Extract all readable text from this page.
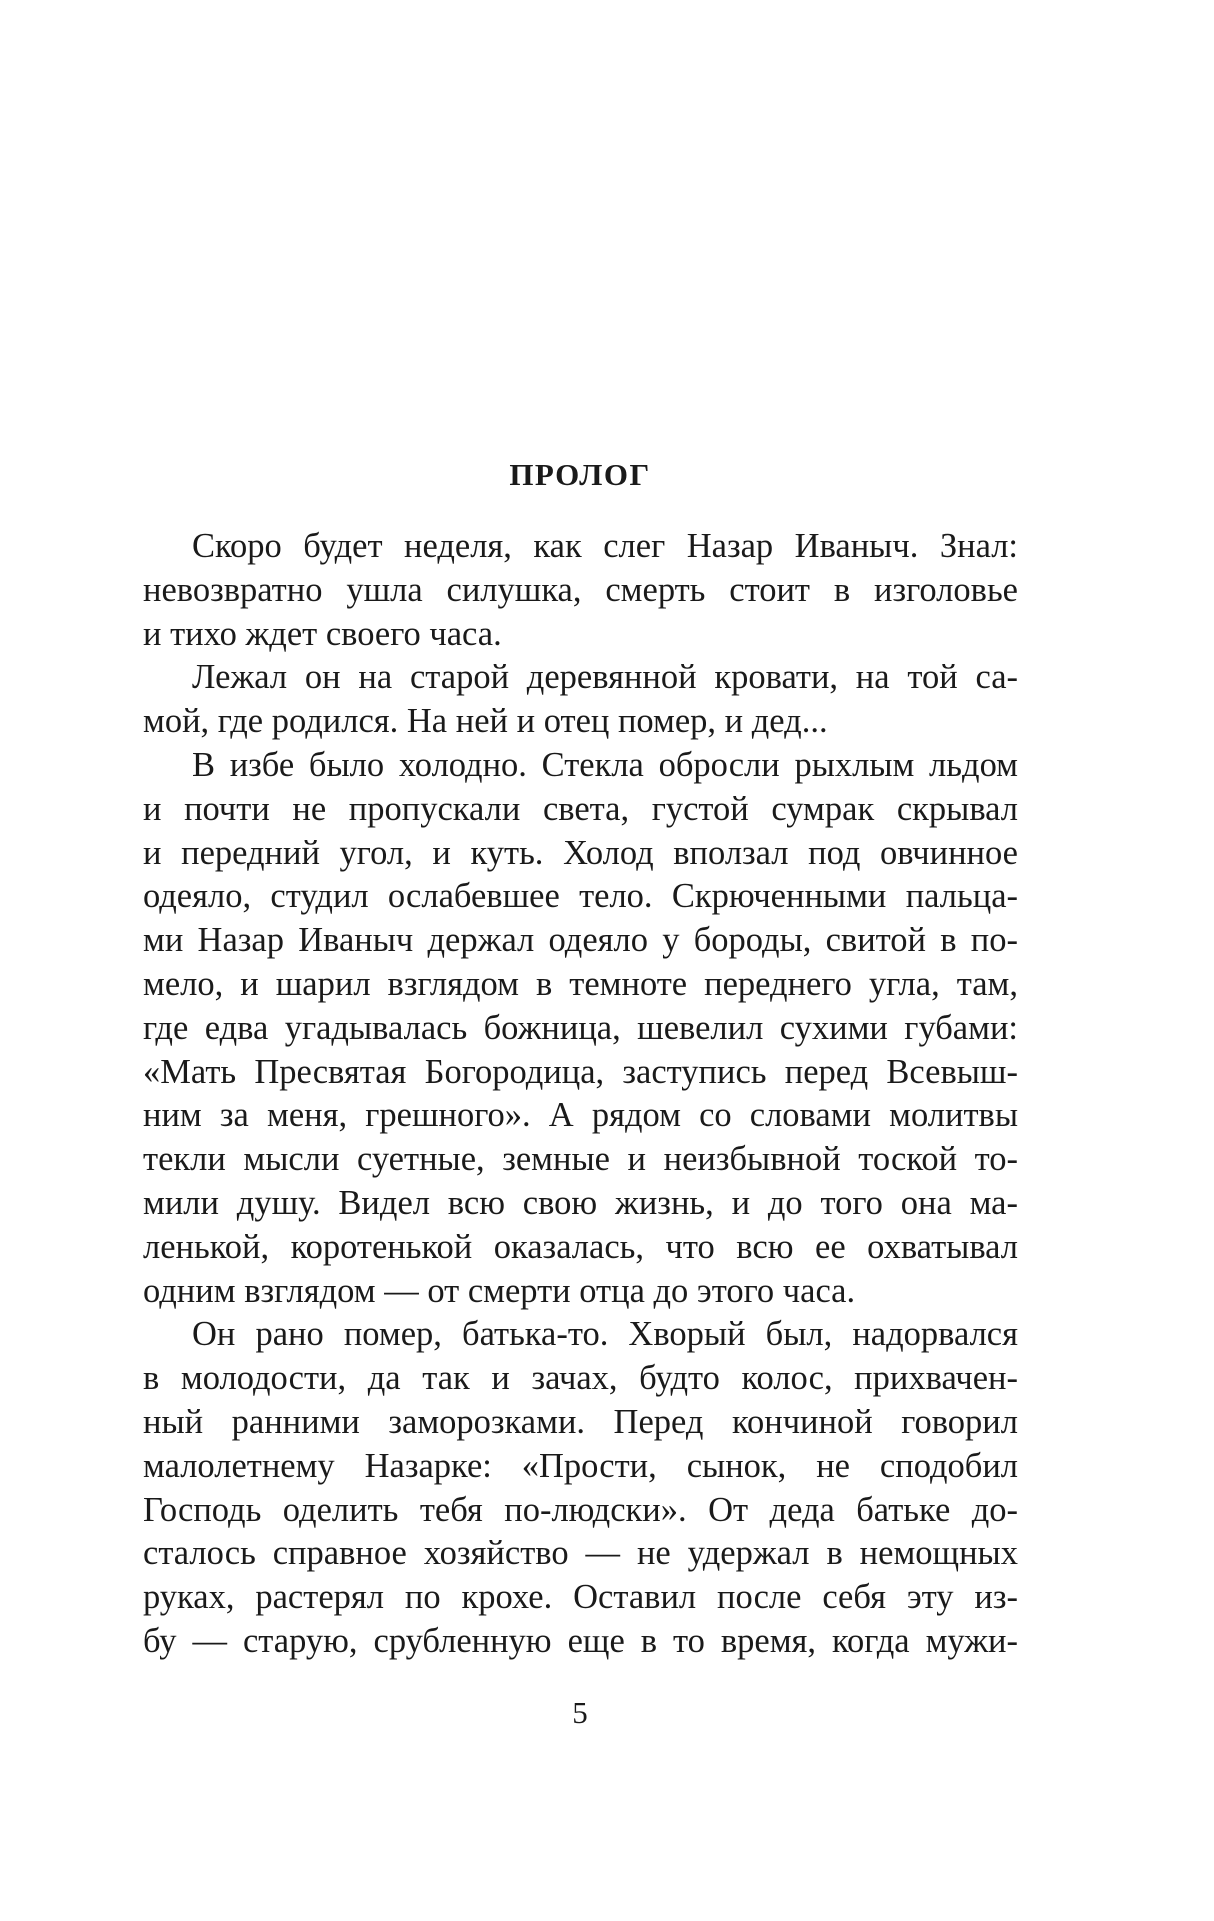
ПРОЛОГ
Скоро будет неделя, как слег Назар Иваныч. Знал:
невозвратно ушла силушка, смерть стоит в изголовье
и тихо ждет своего часа.
Лежал он на старой деревянной кровати, на той са-
мой, где родился. На ней и отец помер, и дед...
В избе было холодно. Стекла обросли рыхлым льдом
и почти не пропускали света, густой сумрак скрывал
и передний угол, и куть. Холод вползал под овчинное
одеяло, студил ослабевшее тело. Скрюченными пальца-
ми Назар Иваныч держал одеяло у бороды, свитой в по-
мело, и шарил взглядом в темноте переднего угла, там,
где едва угадывалась божница, шевелил сухими губами:
«Мать Пресвятая Богородица, заступись перед Всевыш-
ним за меня, грешного». А рядом со словами молитвы
текли мысли суетные, земные и неизбывной тоской то-
мили душу. Видел всю свою жизнь, и до того она ма-
ленькой, коротенькой оказалась, что всю ее охватывал
одним взглядом — от смерти отца до этого часа.
Он рано помер, батька-то. Хворый был, надорвался
в молодости, да так и зачах, будто колос, прихвачен-
ный ранними заморозками. Перед кончиной говорил
малолетнему Назарке: «Прости, сынок, не сподобил
Господь оделить тебя по-людски». От деда батьке до-
сталось справное хозяйство — не удержал в немощных
руках, растерял по крохе. Оставил после себя эту из-
бу — старую, срубленную еще в то время, когда мужи-
5
